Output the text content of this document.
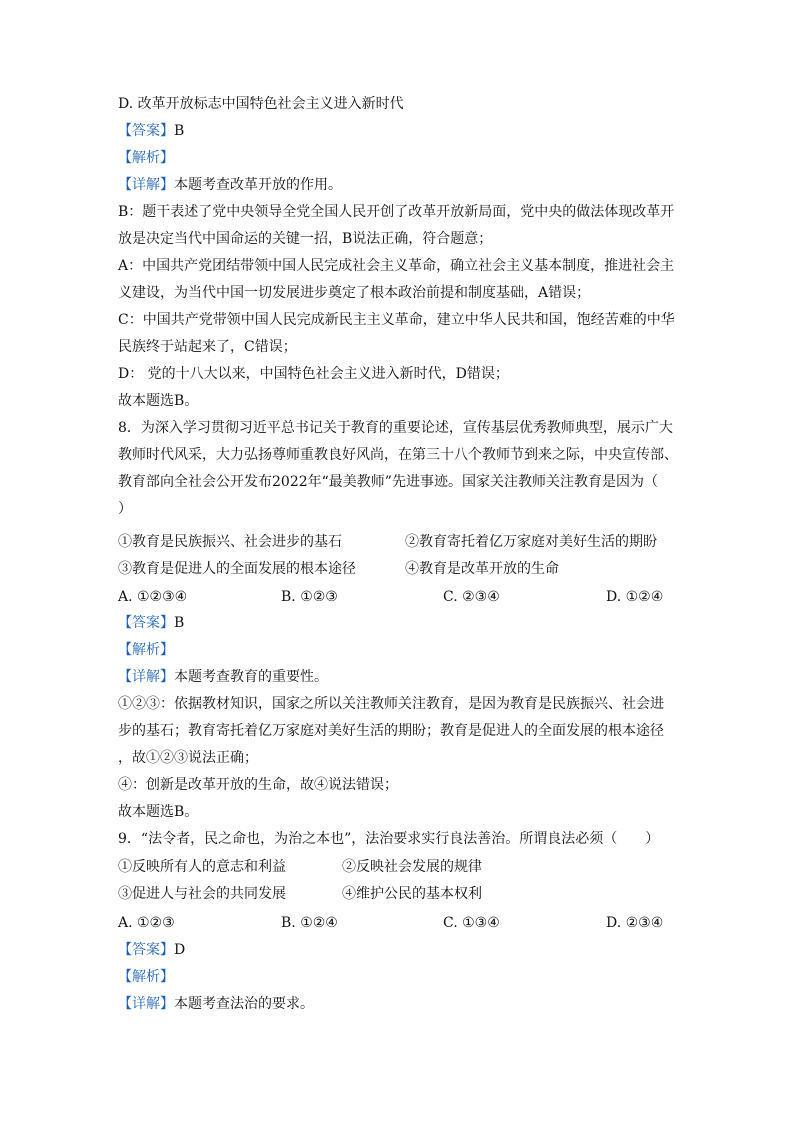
D. 改革开放标志中国特色社会主义进入新时代
【答案】B
【解析】
【详解】本题考查改革开放的作用。
B：题干表述了党中央领导全党全国人民开创了改革开放新局面，党中央的做法体现改革开
放是决定当代中国命运的关键一招，B说法正确，符合题意；
A：中国共产党团结带领中国人民完成社会主义革命，确立社会主义基本制度，推进社会主
义建设，为当代中国一切发展进步奠定了根本政治前提和制度基础，A错误；
C：中国共产党带领中国人民完成新民主主义革命，建立中华人民共和国，饱经苦难的中华
民族终于站起来了，C错误；
D： 党的十八大以来，中国特色社会主义进入新时代，D错误；
故本题选B。
8．为深入学习贯彻习近平总书记关于教育的重要论述，宣传基层优秀教师典型，展示广大
教师时代风采，大力弘扬尊师重教良好风尚，在第三十八个教师节到来之际，中央宣传部、
教育部向全社会公开发布2022年“最美教师”先进事迹。国家关注教师关注教育是因为（
）
①教育是民族振兴、社会进步的基石	②教育寄托着亿万家庭对美好生活的期盼
③教育是促进人的全面发展的根本途径	④教育是改革开放的生命
A. ①②③④	B. ①②③	C. ②③④	D. ①②④
【答案】B
【解析】
【详解】本题考查教育的重要性。
①②③：依据教材知识，国家之所以关注教师关注教育，是因为教育是民族振兴、社会进
步的基石；教育寄托着亿万家庭对美好生活的期盼；教育是促进人的全面发展的根本途径
，故①②③说法正确；
④：创新是改革开放的生命，故④说法错误；
故本题选B。
9．“法令者，民之命也，为治之本也”，法治要求实行良法善治。所谓良法必须（　　）
①反映所有人的意志和利益	②反映社会发展的规律
③促进人与社会的共同发展	④维护公民的基本权利
A. ①②③	B. ①②④	C. ①③④	D. ②③④
【答案】D
【解析】
【详解】本题考查法治的要求。
